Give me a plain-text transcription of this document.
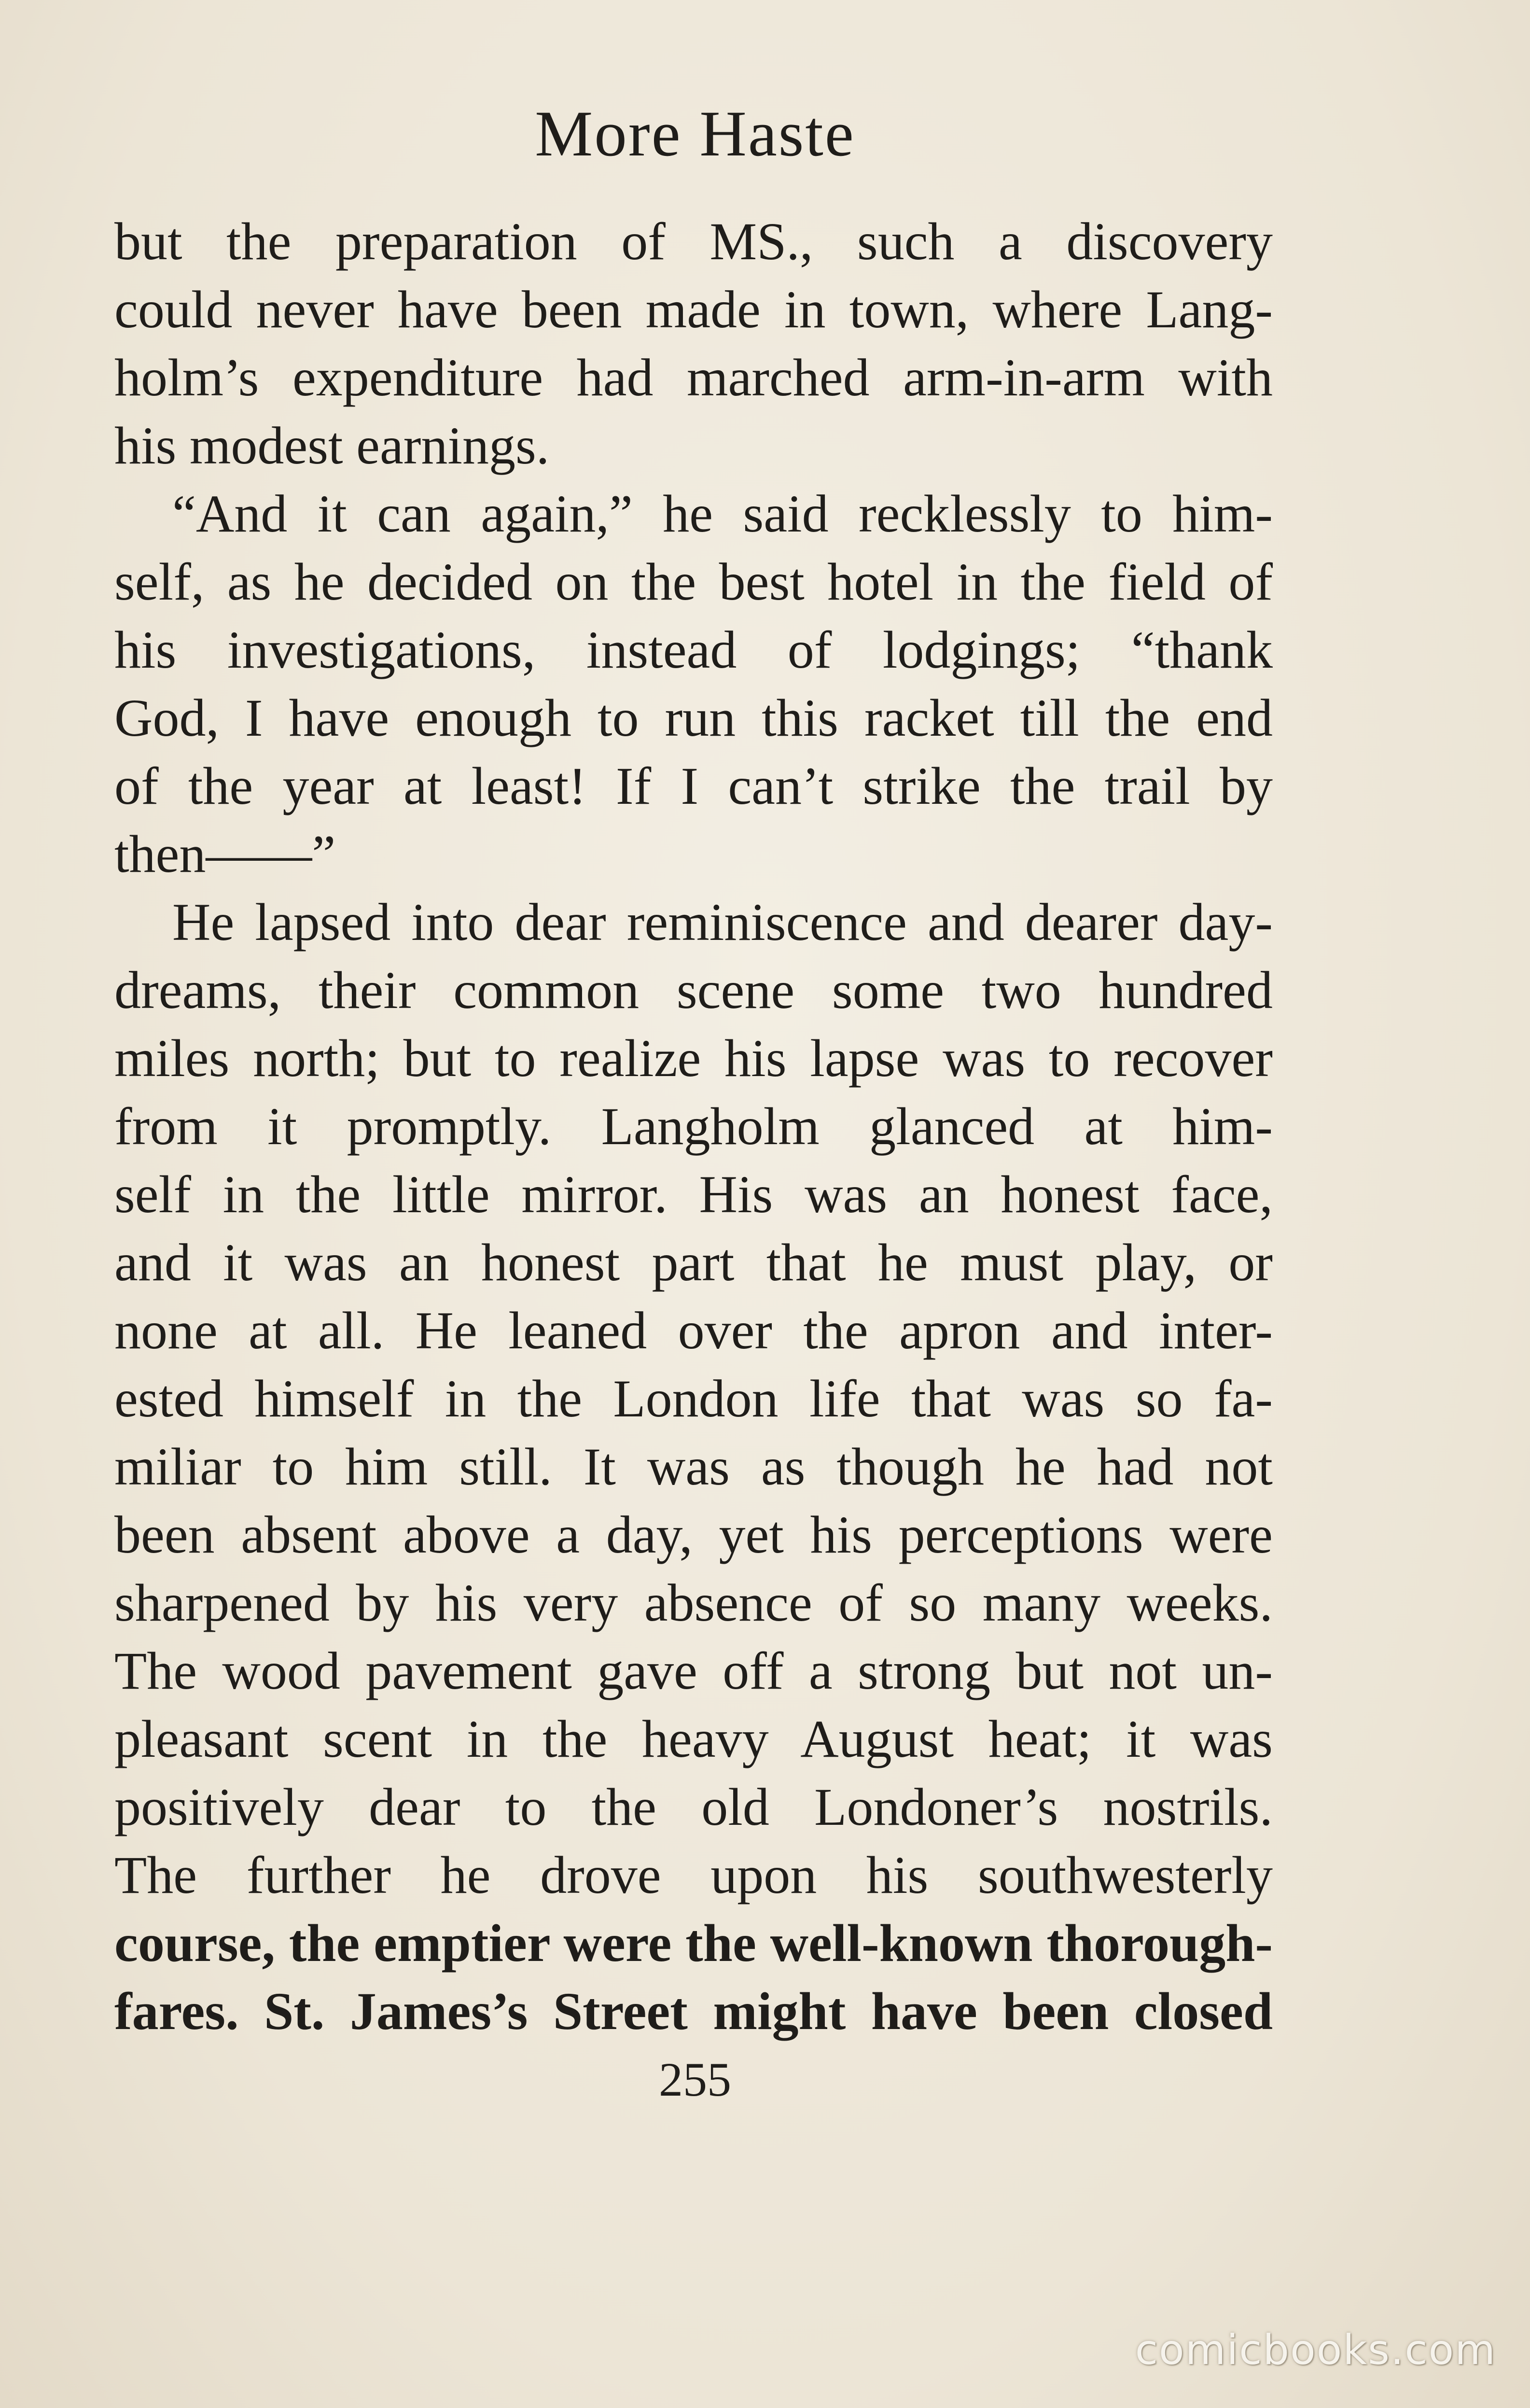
More Haste
but the preparation of MS., such a discovery
could never have been made in town, where Lang-
holm’s expenditure had marched arm-in-arm with
his modest earnings.
“And it can again,” he said recklessly to him-
self, as he decided on the best hotel in the field of
his investigations, instead of lodgings; “thank
God, I have enough to run this racket till the end
of the year at least! If I can’t strike the trail by
then——”
He lapsed into dear reminiscence and dearer day-
dreams, their common scene some two hundred
miles north; but to realize his lapse was to recover
from it promptly. Langholm glanced at him-
self in the little mirror. His was an honest face,
and it was an honest part that he must play, or
none at all. He leaned over the apron and inter-
ested himself in the London life that was so fa-
miliar to him still. It was as though he had not
been absent above a day, yet his perceptions were
sharpened by his very absence of so many weeks.
The wood pavement gave off a strong but not un-
pleasant scent in the heavy August heat; it was
positively dear to the old Londoner’s nostrils.
The further he drove upon his southwesterly
course, the emptier were the well-known thorough-
fares. St. James’s Street might have been closed
255
comicbooks.com
